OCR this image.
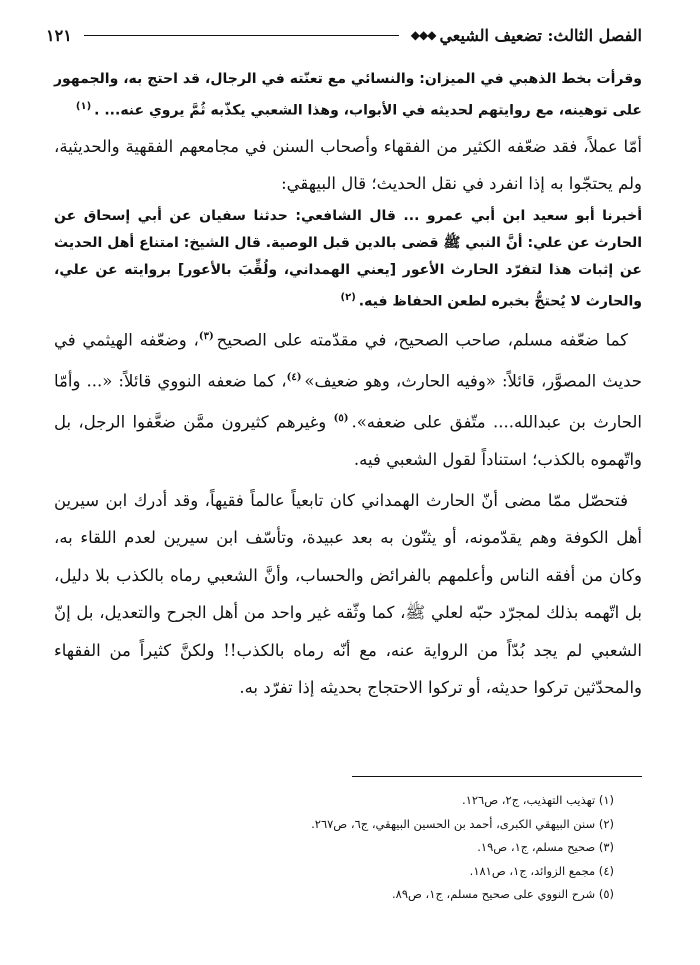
الفصل الثالث: تضعيف الشيعي
◆◆◆
١٢١

وقرأت بخط الذهبي في الميزان: والنسائي مع تعنّته في الرجال، قد احتج به، والجمهور على توهينه، مع روايتهم لحديثه في الأبواب، وهذا الشعبي يكذّبه ثُمَّ يروي عنه... .$^{(١)}$

أمّا عملاً، فقد ضعّفه الكثير من الفقهاء وأصحاب السنن في مجامعهم الفقهية والحديثية، ولم يحتجّوا به إذا انفرد في نقل الحديث؛ قال البيهقي:

أخبرنا أبو سعيد ابن أبي عمرو ... قال الشافعي: حدثنا سفيان عن أبي إسحاق عن الحارث عن علي: أنَّ النبي ﷺ قضى بالدين قبل الوصية. قال الشيخ: امتناع أهل الحديث عن إثبات هذا لتفرّد الحارث الأعور [يعني الهمداني، ولُقِّبَ بالأعور] بروايته عن علي، والحارث لا يُحتجُّ بخبره لطعن الحفاظ فيه.$^{(٢)}$

كما ضعّفه مسلم، صاحب الصحيح، في مقدّمته على الصحيح$^{(٣)}$، وضعّفه الهيثمي في حديث المصوَّر، قائلاً: «وفيه الحارث، وهو ضعيف»$^{(٤)}$، كما ضعفه النووي قائلاً: «... وأمّا الحارث بن عبدالله.... متّفق على ضعفه».$^{(٥)}$ وغيرهم كثيرون ممَّن ضعَّفوا الرجل، بل واتّهموه بالكذب؛ استناداً لقول الشعبي فيه.

فتحصّل ممّا مضى أنّ الحارث الهمداني كان تابعياً عالماً فقيهاً، وقد أدرك ابن سيرين أهل الكوفة وهم يقدّمونه، أو يثنّون به بعد عبيدة، وتأسّف ابن سيرين لعدم اللقاء به، وكان من أفقه الناس وأعلمهم بالفرائض والحساب، وأنَّ الشعبي رماه بالكذب بلا دليل، بل اتّهمه بذلك لمجرّد حبّه لعلي ﷺ، كما وثّقه غير واحد من أهل الجرح والتعديل، بل إنّ الشعبي لم يجد بُدّاً من الرواية عنه، مع أنّه رماه بالكذب!! ولكنَّ كثيراً من الفقهاء والمحدّثين تركوا حديثه، أو تركوا الاحتجاج بحديثه إذا تفرّد به.

(١) تهذيب التهذيب، ج٢، ص١٢٦.
(٢) سنن البيهقي الكبرى، أحمد بن الحسين البيهقي، ج٦، ص٢٦٧.
(٣) صحيح مسلم، ج١، ص١٩.
(٤) مجمع الزوائد، ج١، ص١٨١.
(٥) شرح النووي على صحيح مسلم، ج١، ص٨٩.
